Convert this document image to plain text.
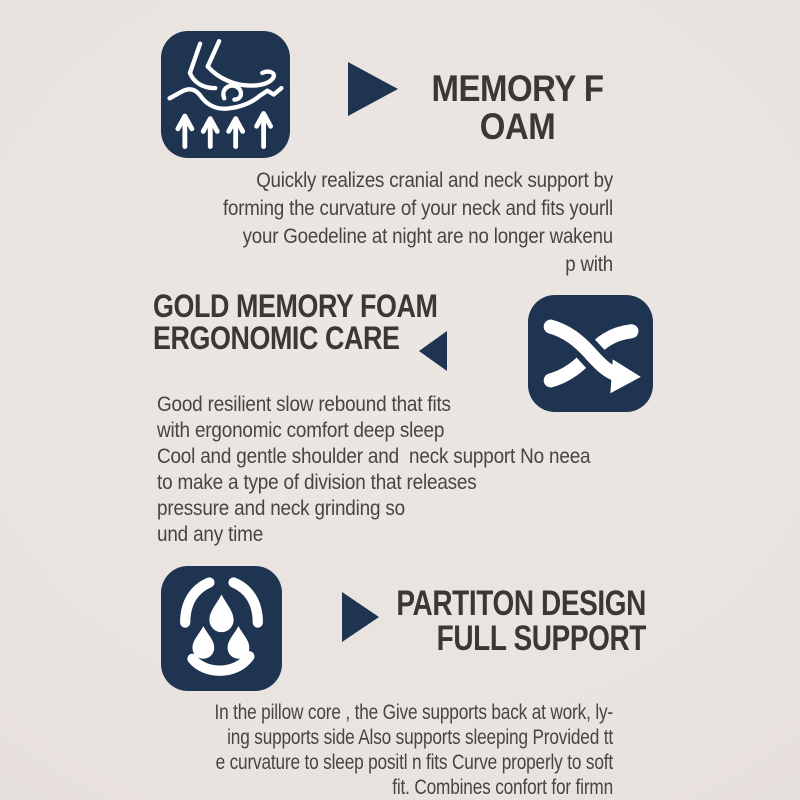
MEMORY F
OAM
Quickly realizes cranial and neck support by
forming the curvature of your neck and fits yourll
your Goedeline at night are no longer wakenu
p with
GOLD MEMORY FOAM
ERGONOMIC CARE
Good resilient slow rebound that fits
with ergonomic comfort deep sleep
Cool and gentle shoulder and  neck support No neea
to make a type of division that releases
pressure and neck grinding so
und any time
PARTITON DESIGN
FULL SUPPORT
In the pillow core , the Give supports back at work, ly-
ing supports side Also supports sleeping Provided tt
e curvature to sleep positl n fits Curve properly to soft
fit. Combines confort for firmn
